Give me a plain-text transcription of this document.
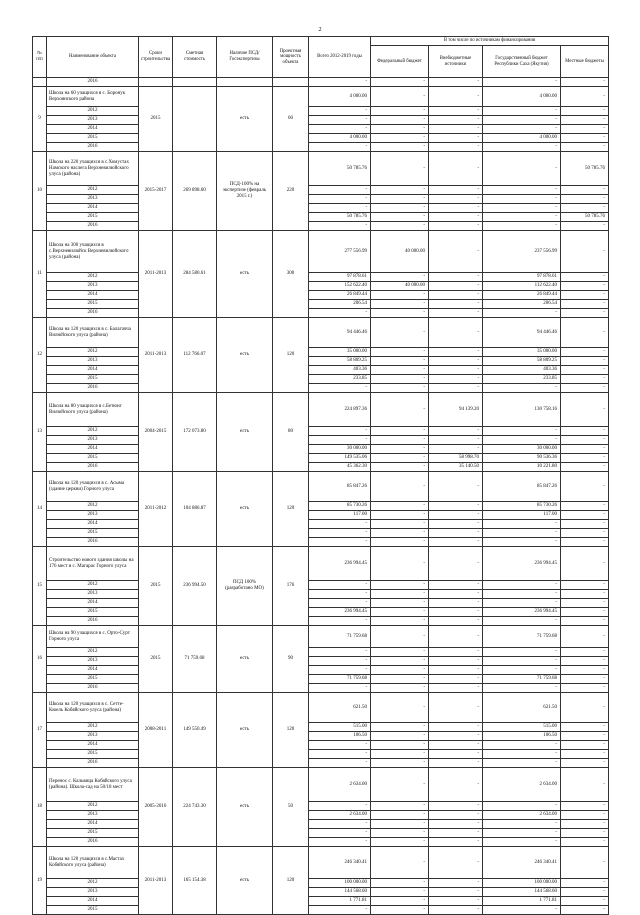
2
№ п/п	Наименование объекта	Сроки строительства	Сметная стоимость	Наличие ПСД/ Госэкспертизы	Проектная мощность объекта	Всего 2012-2019 годы	В том числе по источникам финансирования			
							Федеральный бюджет	Внебюджетные источники	Государственный бюджет Республики Саха (Якутия)	Местные бюджеты
	2016					-	-	-	-	-
9	Школа на 60 учащихся в с. Боронук Верхоянского района	2015		есть	60	4 000.00	-	-	4 000.00	-
	2012					-	-	-	-	-
	2013					-	-	-	-	-
	2014					-	-	-	-	-
	2015					4 000.00	-	-	4 000.00	-
	2016					-	-	-	-	-
10	Школа на 220 учащихся в с.Хомустах Намского наслега Верхневилюйского улуса (района)	2015-2017	269 898.60	ПСД-100% на экспертизе (февраль 2015 г.)	220	50 785.76	-	-	-	50 785.76
	2012					-	-	-	-	-
	2013					-	-	-	-	-
	2014					-	-	-	-	-
	2015					50 785.76	-	-	-	50 785.76
	2016					-	-	-	-	-
11	Школа на 300 учащихся в с.Верхневилюйск Верхневилюйского улуса (района)	2011-2013	284 580.61	есть	300	277 556.99	40 000.00	-	237 556.99	-
	2012					97 878.61	-	-	97 878.61	-
	2013					152 622.40	40 000.00	-	112 622.40	-
	2014					26 849.44	-	-	26 849.44	-
	2015					206.54	-	-	206.54	-
	2016					-	-	-	-	-
12	Школа на 120 учащихся в с. Балагачча Вилюйского улуса (района)	2011-2013	112 766.07	есть	120	94 446.46	-	-	94 446.46	-
	2012					35 000.00	-	-	35 000.00	-
	2013					58 809.25	-	-	58 809.25	-
	2014					403.36	-	-	403.36	-
	2015					233.85	-	-	233.85	-
	2016					-	-	-	-	-
13	Школа на 80 учащихся в с.Бетюнг Вилюйского улуса (района)	2004-2015	172 073.80	есть	80	224 897.36	-	94 139.20	130 758.16	-
	2012					-	-	-	-	-
	2013					-	-	-	-	-
	2014					30 000.00	-	-	30 000.00	-
	2015					149 535.06	-	58 998.70	90 536.36	-
	2016					45 362.30	-	35 140.50	10 221.80	-
14	Школа на 120 учащихся в с. Асыма (здание церкви) Горного улуса	2011-2012	104 886.87	есть	120	85 847.26	-	-	85 847.26	-
	2012					85 730.26	-	-	85 730.26	-
	2013					117.00	-	-	117.00	-
	2014					-	-	-	-	-
	2015					-	-	-	-	-
	2016					-	-	-	-	-
15	Строительство нового здания школы на 176 мест в с. Магарас Горного улуса	2015	236 994.50	ПСД 100% (разработано МО)	176	236 994.45	-	-	236 994.45	-
	2012					-	-	-	-	-
	2013					-	-	-	-	-
	2014					-	-	-	-	-
	2015					236 994.45	-	-	236 994.45	-
	2016					-	-	-	-	-
16	Школа на 90 учащихся в с. Орто-Сурт Горного улуса	2015	71 759.68	есть	90	71 759.68	-	-	71 759.68	-
	2012					-	-	-	-	-
	2013					-	-	-	-	-
	2014					-	-	-	-	-
	2015					71 759.68	-	-	71 759.68	-
	2016					-	-	-	-	-
17	Школа на 120 учащихся в с. Сеттe-Кюель Кобяйского улуса (района)	2008-2011	149 550.49	есть	120	621.50	-	-	621.50	-
	2012					515.00	-	-	515.00	-
	2013					106.50	-	-	106.50	-
	2014					-	-	-	-	-
	2015					-	-	-	-	-
	2016					-	-	-	-	-
18	Перенос с. Кальвица Кобяйского улуса (района). Школа-сад на 50/18 мест	2005-2016	224 743.30	есть	50	2 634.00	-	-	2 634.00	-
	2012					-	-	-	-	-
	2013					2 634.00	-	-	2 634.00	-
	2014					-	-	-	-	-
	2015					-	-	-	-	-
	2016					-	-	-	-	-
19	Школа на 120 учащихся в с.Мастах Кобяйского улуса (района)	2011-2013	165 154.38	есть	120	246 340.41	-	-	246 340.41	-
	2012					100 000.00	-	-	100 000.00	-
	2013					144 568.60	-	-	144 568.60	-
	2014					1 771.81	-	-	1 771.81	-
	2015					-	-	-	-	-
